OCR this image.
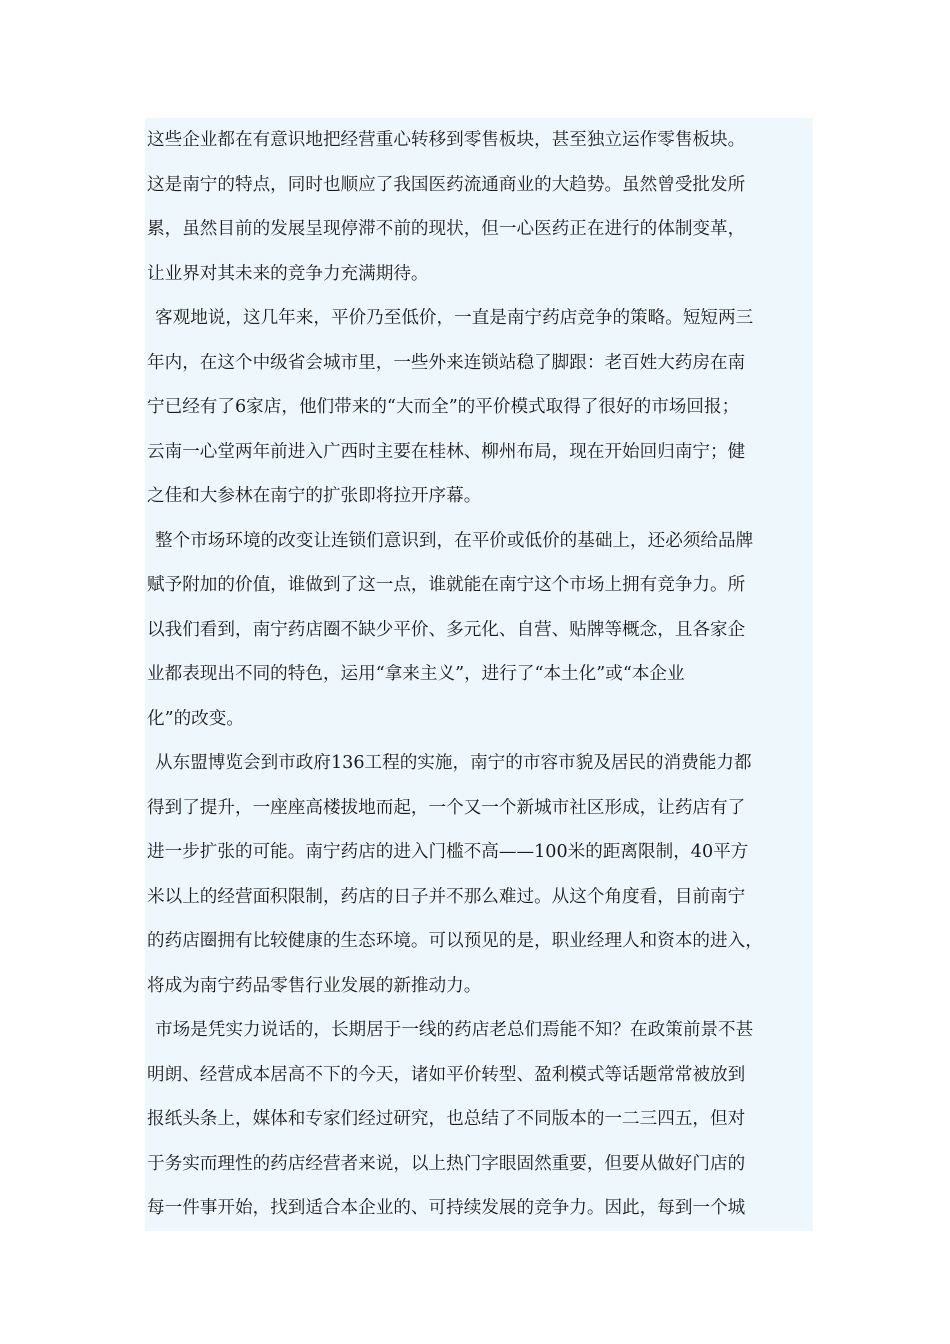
这些企业都在有意识地把经营重心转移到零售板块，甚至独立运作零售板块。
这是南宁的特点，同时也顺应了我国医药流通商业的大趋势。虽然曾受批发所
累，虽然目前的发展呈现停滞不前的现状，但一心医药正在进行的体制变革，
让业界对其未来的竞争力充满期待。
客观地说，这几年来，平价乃至低价，一直是南宁药店竞争的策略。短短两三
年内，在这个中级省会城市里，一些外来连锁站稳了脚跟：老百姓大药房在南
宁已经有了6家店，他们带来的“大而全”的平价模式取得了很好的市场回报；
云南一心堂两年前进入广西时主要在桂林、柳州布局，现在开始回归南宁；健
之佳和大参林在南宁的扩张即将拉开序幕。
整个市场环境的改变让连锁们意识到，在平价或低价的基础上，还必须给品牌
赋予附加的价值，谁做到了这一点，谁就能在南宁这个市场上拥有竞争力。所
以我们看到，南宁药店圈不缺少平价、多元化、自营、贴牌等概念，且各家企
业都表现出不同的特色，运用“拿来主义”，进行了“本土化”或“本企业
化”的改变。
从东盟博览会到市政府136工程的实施，南宁的市容市貌及居民的消费能力都
得到了提升，一座座高楼拔地而起，一个又一个新城市社区形成，让药店有了
进一步扩张的可能。南宁药店的进入门槛不高——100米的距离限制，40平方
米以上的经营面积限制，药店的日子并不那么难过。从这个角度看，目前南宁
的药店圈拥有比较健康的生态环境。可以预见的是，职业经理人和资本的进入，
将成为南宁药品零售行业发展的新推动力。
市场是凭实力说话的，长期居于一线的药店老总们焉能不知？在政策前景不甚
明朗、经营成本居高不下的今天，诸如平价转型、盈利模式等话题常常被放到
报纸头条上，媒体和专家们经过研究，也总结了不同版本的一二三四五，但对
于务实而理性的药店经营者来说，以上热门字眼固然重要，但要从做好门店的
每一件事开始，找到适合本企业的、可持续发展的竞争力。因此，每到一个城
